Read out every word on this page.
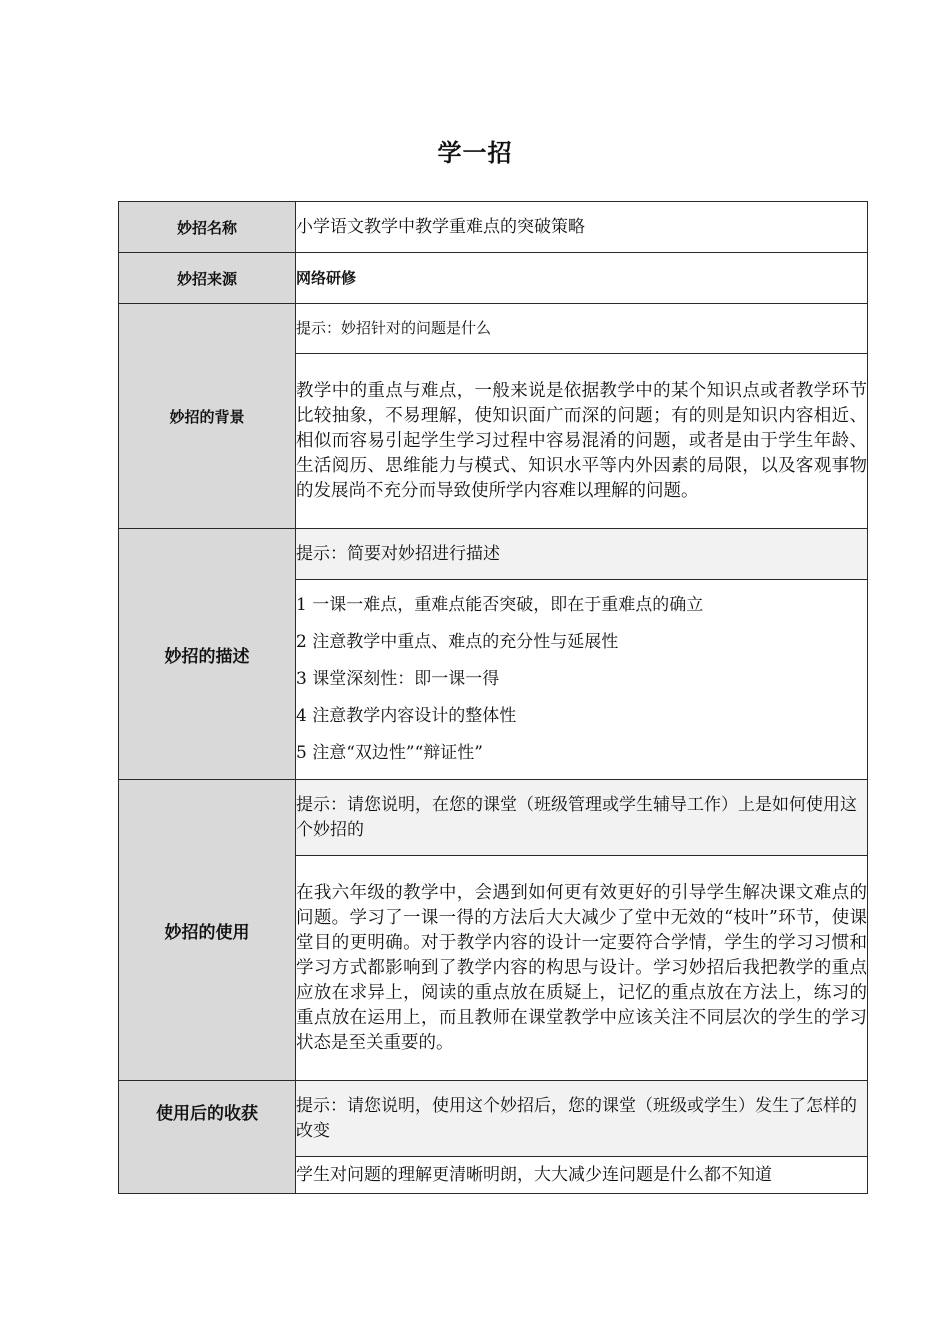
学一招
妙招名称	小学语文教学中教学重难点的突破策略
妙招来源	网络研修
妙招的背景	提示：妙招针对的问题是什么
	教学中的重点与难点，一般来说是依据教学中的某个知识点或者教学环节比较抽象，不易理解，使知识面广而深的问题；有的则是知识内容相近、相似而容易引起学生学习过程中容易混淆的问题，或者是由于学生年龄、生活阅历、思维能力与模式、知识水平等内外因素的局限，以及客观事物的发展尚不充分而导致使所学内容难以理解的问题。
妙招的描述	提示：简要对妙招进行描述

	1 一课一难点，重难点能否突破，即在于重难点的确立
2 注意教学中重点、难点的充分性与延展性
3 课堂深刻性：即一课一得
4 注意教学内容设计的整体性
5 注意“双边性”“辩证性”

妙招的使用	提示：请您说明，在您的课堂（班级管理或学生辅导工作）上是如何使用这个妙招的
	在我六年级的教学中，会遇到如何更有效更好的引导学生解决课文难点的问题。学习了一课一得的方法后大大减少了堂中无效的“枝叶”环节，使课堂目的更明确。对于教学内容的设计一定要符合学情，学生的学习习惯和学习方式都影响到了教学内容的构思与设计。学习妙招后我把教学的重点应放在求异上，阅读的重点放在质疑上，记忆的重点放在方法上，练习的重点放在运用上，而且教师在课堂教学中应该关注不同层次的学生的学习状态是至关重要的。
使用后的收获	提示：请您说明，使用这个妙招后，您的课堂（班级或学生）发生了怎样的改变
	学生对问题的理解更清晰明朗，大大减少连问题是什么都不知道
